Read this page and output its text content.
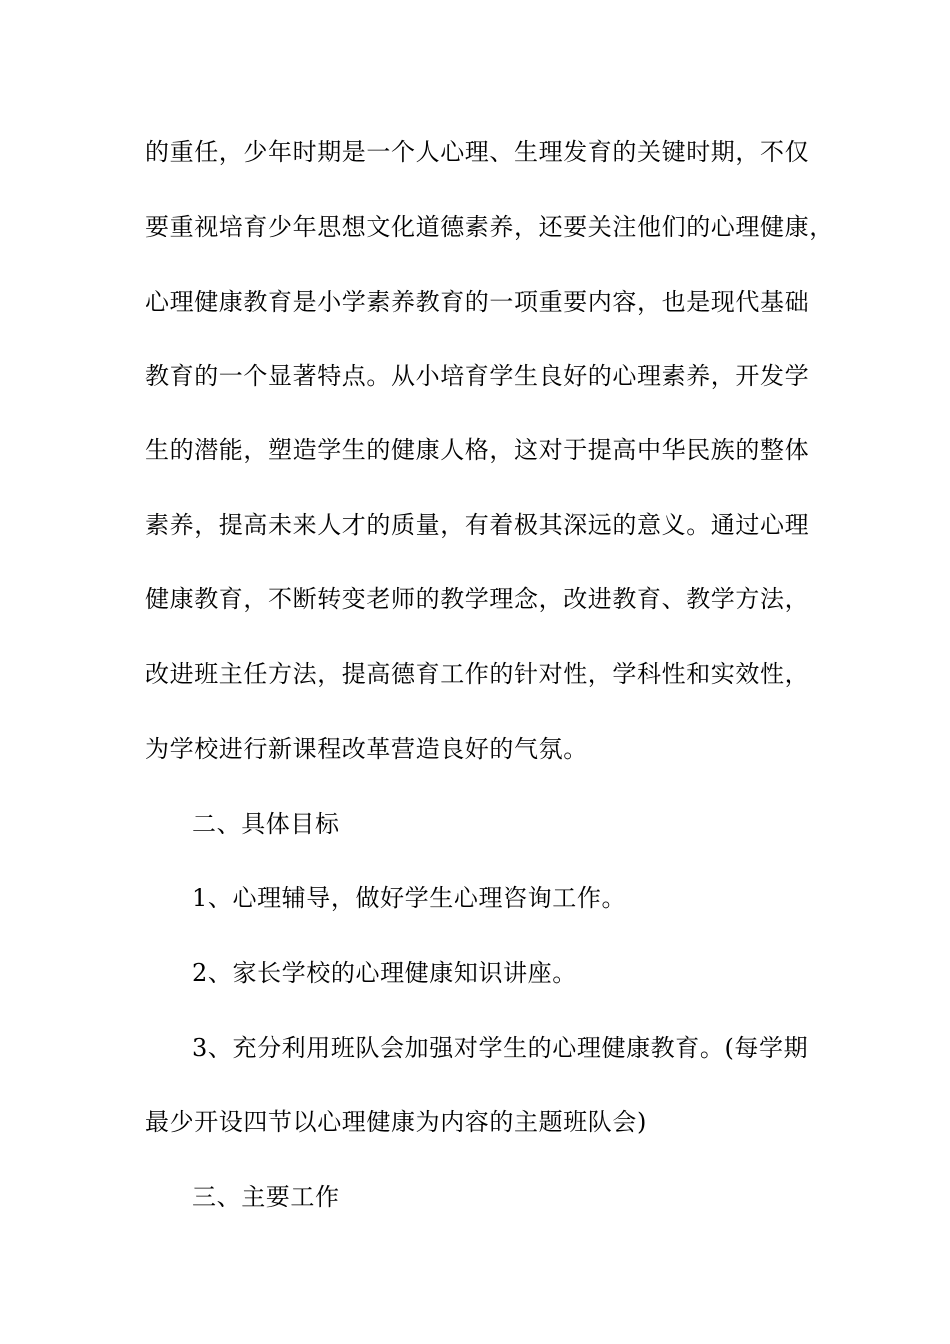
的重任，少年时期是一个人心理、生理发育的关键时期，不仅
要重视培育少年思想文化道德素养，还要关注他们的心理健康，
心理健康教育是小学素养教育的一项重要内容，也是现代基础
教育的一个显著特点。从小培育学生良好的心理素养，开发学
生的潜能，塑造学生的健康人格，这对于提高中华民族的整体
素养，提高未来人才的质量，有着极其深远的意义。通过心理
健康教育，不断转变老师的教学理念，改进教育、教学方法，
改进班主任方法，提高德育工作的针对性，学科性和实效性，
为学校进行新课程改革营造良好的气氛。
二、具体目标
1、心理辅导，做好学生心理咨询工作。
2、家长学校的心理健康知识讲座。
3、充分利用班队会加强对学生的心理健康教育。(每学期
最少开设四节以心理健康为内容的主题班队会)
三、主要工作
